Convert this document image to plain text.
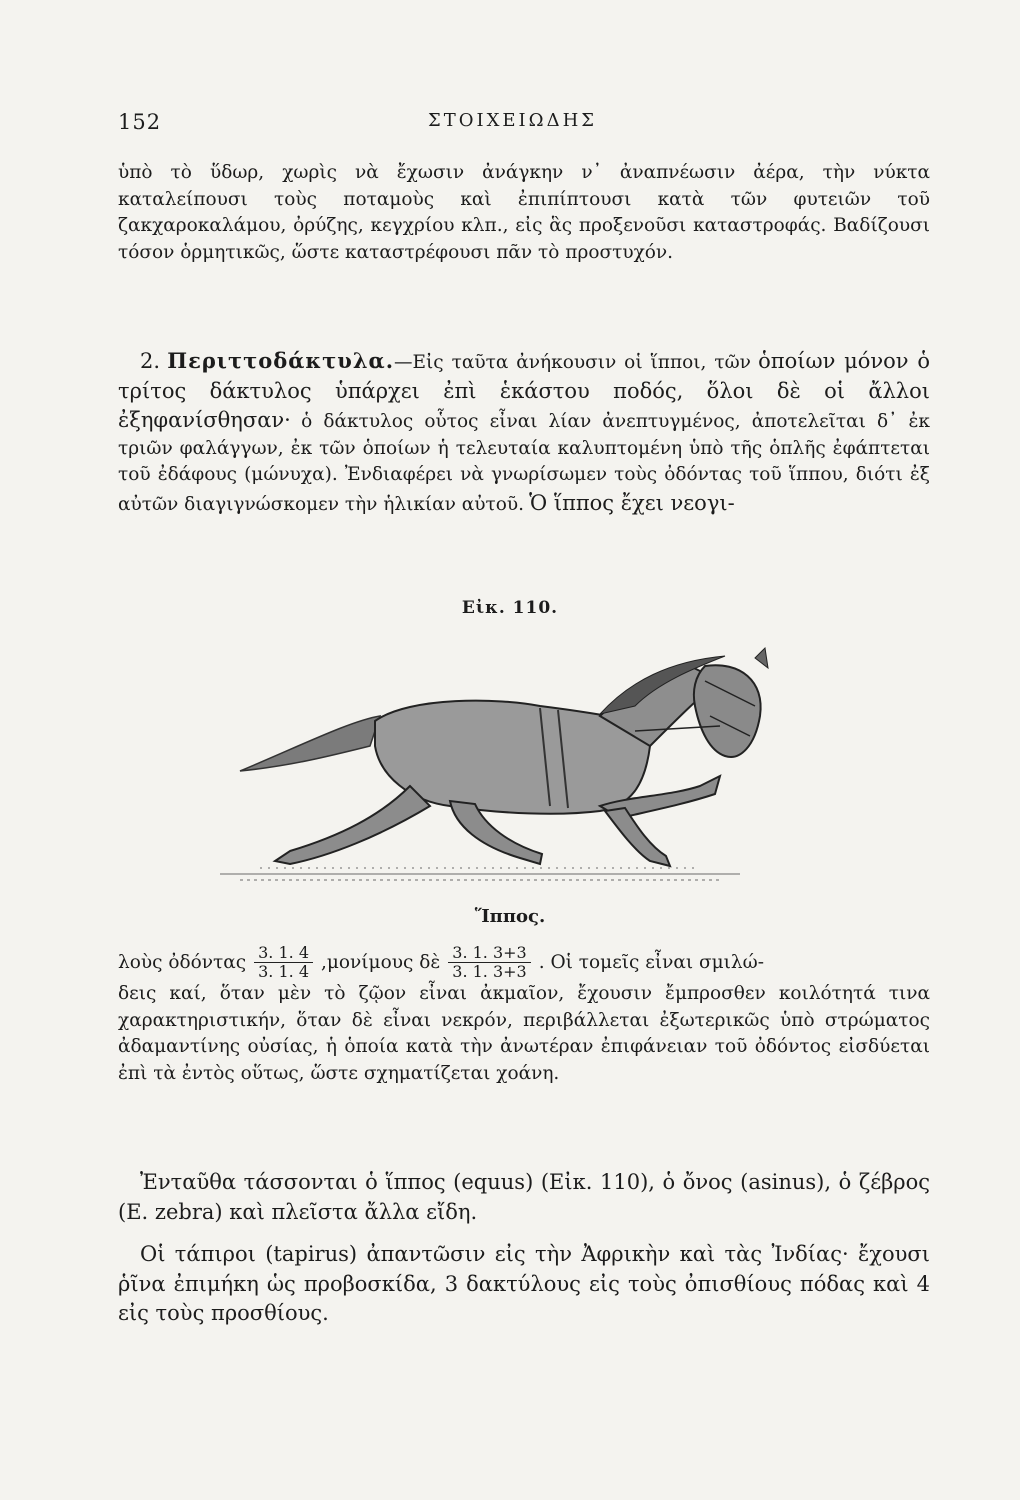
152	ΣΤΟΙΧΕΙΩΔΗΣ

ὑπὸ τὸ ὕδωρ, χωρὶς νὰ ἔχωσιν ἀνάγκην ν᾽ ἀναπνέωσιν ἀέρα, τὴν νύκτα καταλείπουσι τοὺς ποταμοὺς καὶ ἐπιπίπτουσι κατὰ τῶν φυτειῶν τοῦ ζακχαροκαλάμου, ὀρύζης, κεγχρίου κλπ., εἰς ἃς προξενοῦσι καταστροφάς. Βαδίζουσι τόσον ὁρμητικῶς, ὥστε καταστρέφουσι πᾶν τὸ προστυχόν.

2. Περιττοδάκτυλα.—Εἰς ταῦτα ἀνήκουσιν οἱ ἵπποι, τῶν ὁποίων μόνον ὁ τρίτος δάκτυλος ὑπάρχει ἐπὶ ἑκάστου ποδός, ὅλοι δὲ οἱ ἄλλοι ἐξηφανίσθησαν· ὁ δάκτυλος οὗτος εἶναι λίαν ἀνεπτυγμένος, ἀποτελεῖται δ᾽ ἐκ τριῶν φαλάγγων, ἐκ τῶν ὁποίων ἡ τελευταία καλυπτομένη ὑπὸ τῆς ὁπλῆς ἐφάπτεται τοῦ ἐδάφους (μώνυχα). Ἐνδιαφέρει νὰ γνωρίσωμεν τοὺς ὀδόντας τοῦ ἵππου, διότι ἐξ αὐτῶν διαγιγνώσκομεν τὴν ἡλικίαν αὐτοῦ. Ὁ ἵππος ἔχει νεογι-

Εἰκ. 110.
Ἵππος.
λοὺς ὀδόντας $\frac{3. 1. 4}{3. 1. 4} ,\mu o\nu ί\mu o\upsilon\varsigma$ δὲ $\frac{3. 1. 3+3}{3. 1. 3+3}$ . Οἱ τομεῖς εἶναι σμιλώ-

δεις καί, ὅταν μὲν τὸ ζῷον εἶναι ἀκμαῖον, ἔχουσιν ἔμπροσθεν κοιλότητά τινα χαρακτηριστικήν, ὅταν δὲ εἶναι νεκρόν, περιβάλλεται ἐξωτερικῶς ὑπὸ στρώματος ἀδαμαντίνης οὐσίας, ἡ ὁποία κατὰ τὴν ἀνωτέραν ἐπιφάνειαν τοῦ ὀδόντος εἰσδύεται ἐπὶ τὰ ἐντὸς οὕτως, ὥστε σχηματίζεται χοάνη.

Ἐνταῦθα τάσσονται ὁ ἵππος (equus) (Εἰκ. 110), ὁ ὄνος (asinus), ὁ ζέβρος (E. zebra) καὶ πλεῖστα ἄλλα εἴδη.

Οἱ τάπιροι (tapirus) ἀπαντῶσιν εἰς τὴν Ἀφρικὴν καὶ τὰς Ἰνδίας· ἔχουσι ῥῖνα ἐπιμήκη ὡς προβοσκίδα, 3 δακτύλους εἰς τοὺς ὀπισθίους πόδας καὶ 4 εἰς τοὺς προσθίους.
